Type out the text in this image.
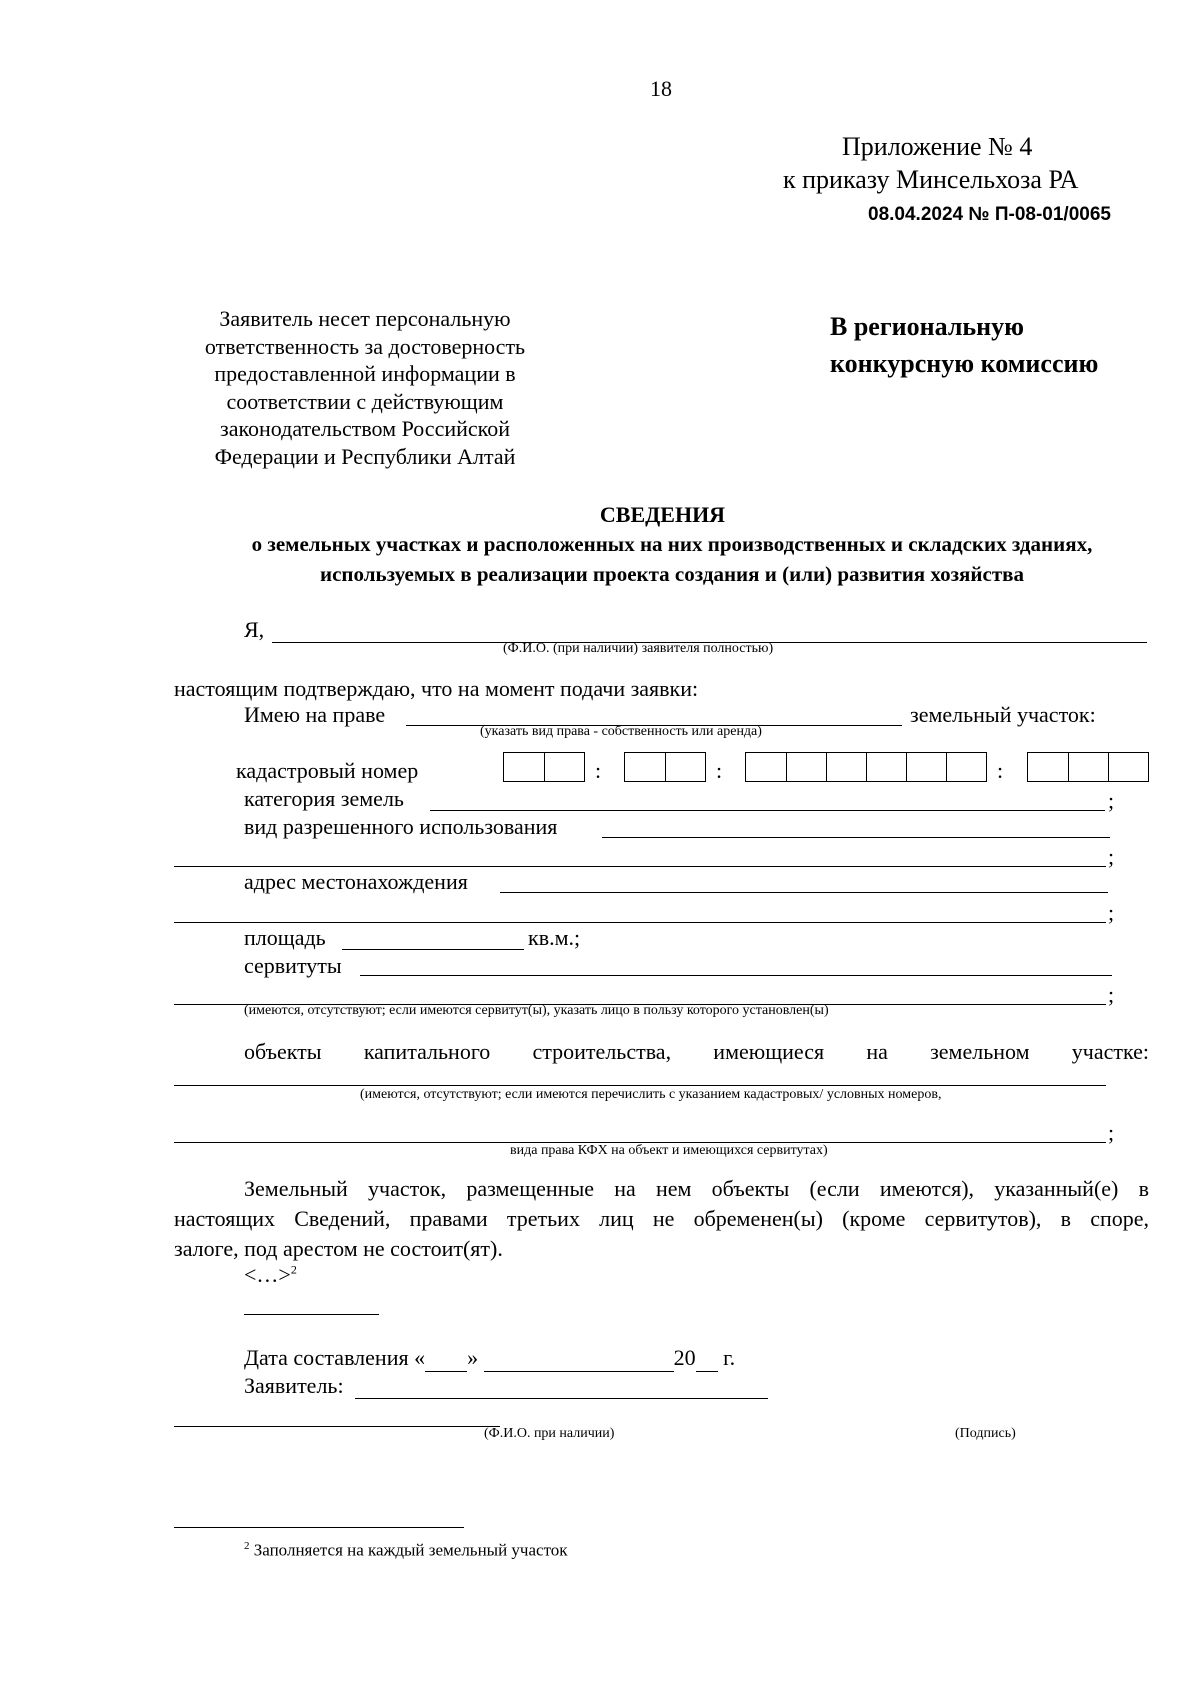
18
Приложение № 4
к приказу Минсельхоза РА
08.04.2024 № П-08-01/0065
Заявитель несет персональную
ответственность за достоверность
предоставленной информации в
соответствии с действующим
законодательством Российской
Федерации и Республики Алтай
В региональную
конкурсную комиссию
СВЕДЕНИЯ
о земельных участках и расположенных на них производственных и складских зданиях,
используемых в реализации проекта создания и (или) развития хозяйства
Я,
(Ф.И.О. (при наличии) заявителя полностью)
настоящим подтверждаю, что на момент подачи заявки:
Имею на праве	земельный участок:
(указать вид права - собственность или аренда)
кадастровый номер	:	:	:
категория земель	;
вид разрешенного использования
;
адрес местонахождения
;
площадь	кв.м.;
сервитуты
;
(имеются, отсутствуют; если имеются сервитут(ы), указать лицо в пользу которого установлен(ы)
объекты капитального строительства, имеющиеся на земельном участке:
(имеются, отсутствуют; если имеются перечислить с указанием кадастровых/ условных номеров,
;
вида права КФХ на объект и имеющихся сервитутах)
Земельный участок, размещенные на нем объекты (если имеются), указанный(е) в
настоящих Сведений, правами третьих лиц не обременен(ы) (кроме сервитутов), в споре,
залоге, под арестом не состоит(ят).
<…>$^2$
Дата составления « »	20 г.
Заявитель:
(Ф.И.О. при наличии)	(Подпись)
$^2$ Заполняется на каждый земельный участок
